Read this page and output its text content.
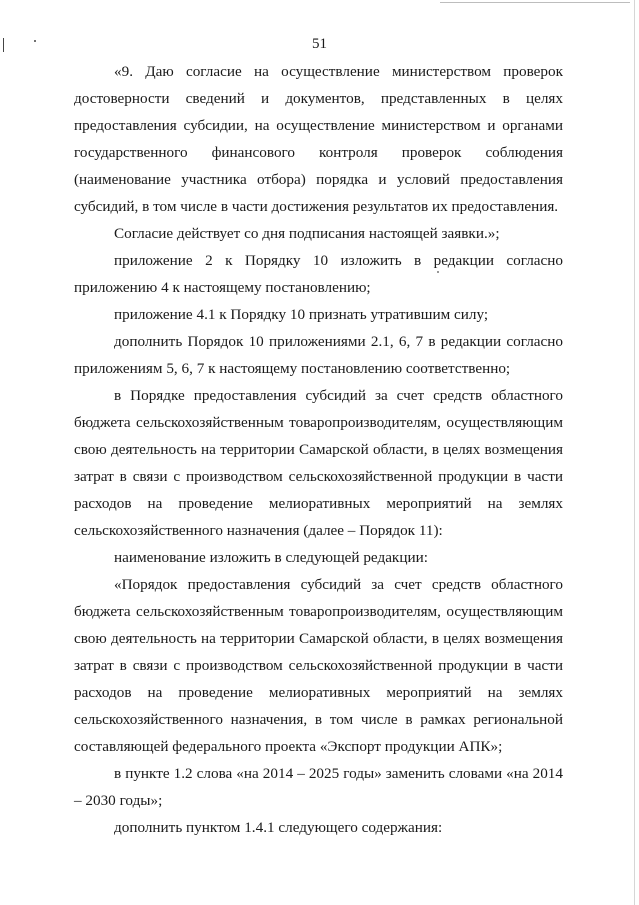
51

«9. Даю согласие на осуществление министерством проверок достоверности сведений и документов, представленных в целях предоставления субсидии, на осуществление министерством и органами государственного финансового контроля проверок соблюдения (наименование участника отбора) порядка и условий предоставления субсидий, в том числе в части достижения результатов их предоставления.

Согласие действует со дня подписания настоящей заявки.»;

приложение 2 к Порядку 10 изложить в редакции согласно приложению 4 к настоящему постановлению;

приложение 4.1 к Порядку 10 признать утратившим силу;

дополнить Порядок 10 приложениями 2.1, 6, 7 в редакции согласно приложениям 5, 6, 7 к настоящему постановлению соответственно;

в Порядке предоставления субсидий за счет средств областного бюджета сельскохозяйственным товаропроизводителям, осуществляющим свою деятельность на территории Самарской области, в целях возмещения затрат в связи с производством сельскохозяйственной продукции в части расходов на проведение мелиоративных мероприятий на землях сельскохозяйственного назначения (далее – Порядок 11):

наименование изложить в следующей редакции:

«Порядок предоставления субсидий за счет средств областного бюджета сельскохозяйственным товаропроизводителям, осуществляющим свою деятельность на территории Самарской области, в целях возмещения затрат в связи с производством сельскохозяйственной продукции в части расходов на проведение мелиоративных мероприятий на землях сельскохозяйственного назначения, в том числе в рамках региональной составляющей федерального проекта «Экспорт продукции АПК»;

в пункте 1.2 слова «на 2014 – 2025 годы» заменить словами «на 2014 – 2030 годы»;

дополнить пунктом 1.4.1 следующего содержания:
